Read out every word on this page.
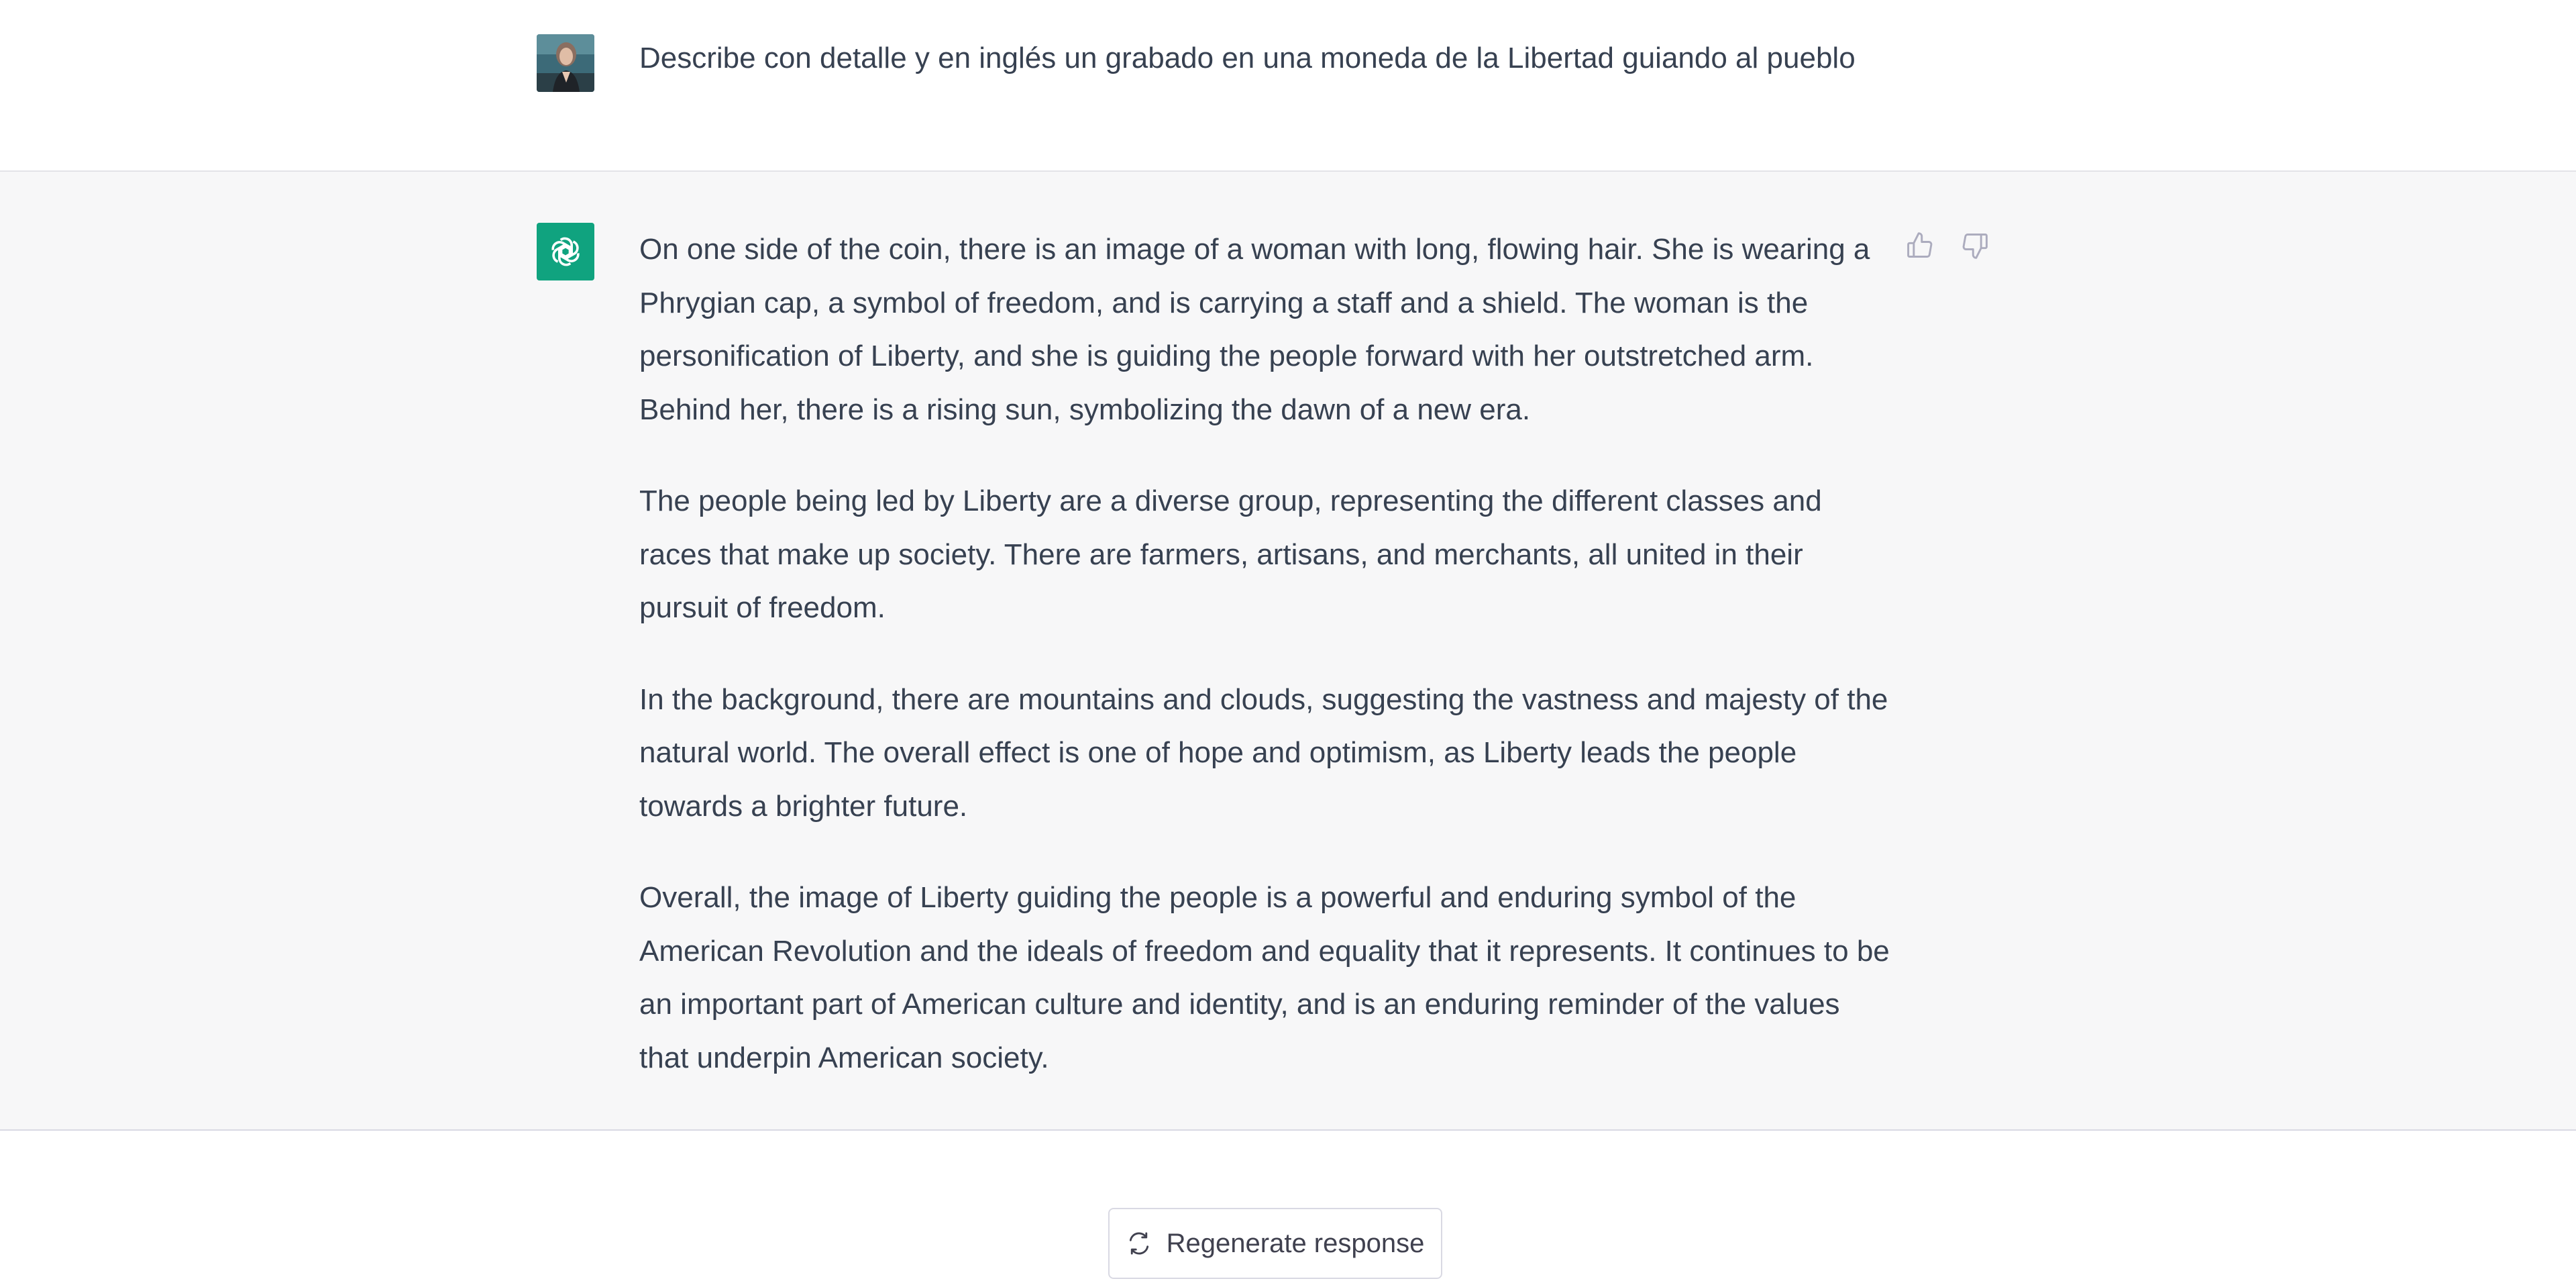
Describe con detalle y en inglés un grabado en una moneda de la Libertad guiando al pueblo

On one side of the coin, there is an image of a woman with long, flowing hair. She is wearing a Phrygian cap, a symbol of freedom, and is carrying a staff and a shield. The woman is the personification of Liberty, and she is guiding the people forward with her outstretched arm. Behind her, there is a rising sun, symbolizing the dawn of a new era.

The people being led by Liberty are a diverse group, representing the different classes and races that make up society. There are farmers, artisans, and merchants, all united in their pursuit of freedom.

In the background, there are mountains and clouds, suggesting the vastness and majesty of the natural world. The overall effect is one of hope and optimism, as Liberty leads the people towards a brighter future.

Overall, the image of Liberty guiding the people is a powerful and enduring symbol of the American Revolution and the ideals of freedom and equality that it represents. It continues to be an important part of American culture and identity, and is an enduring reminder of the values that underpin American society.

Regenerate response
